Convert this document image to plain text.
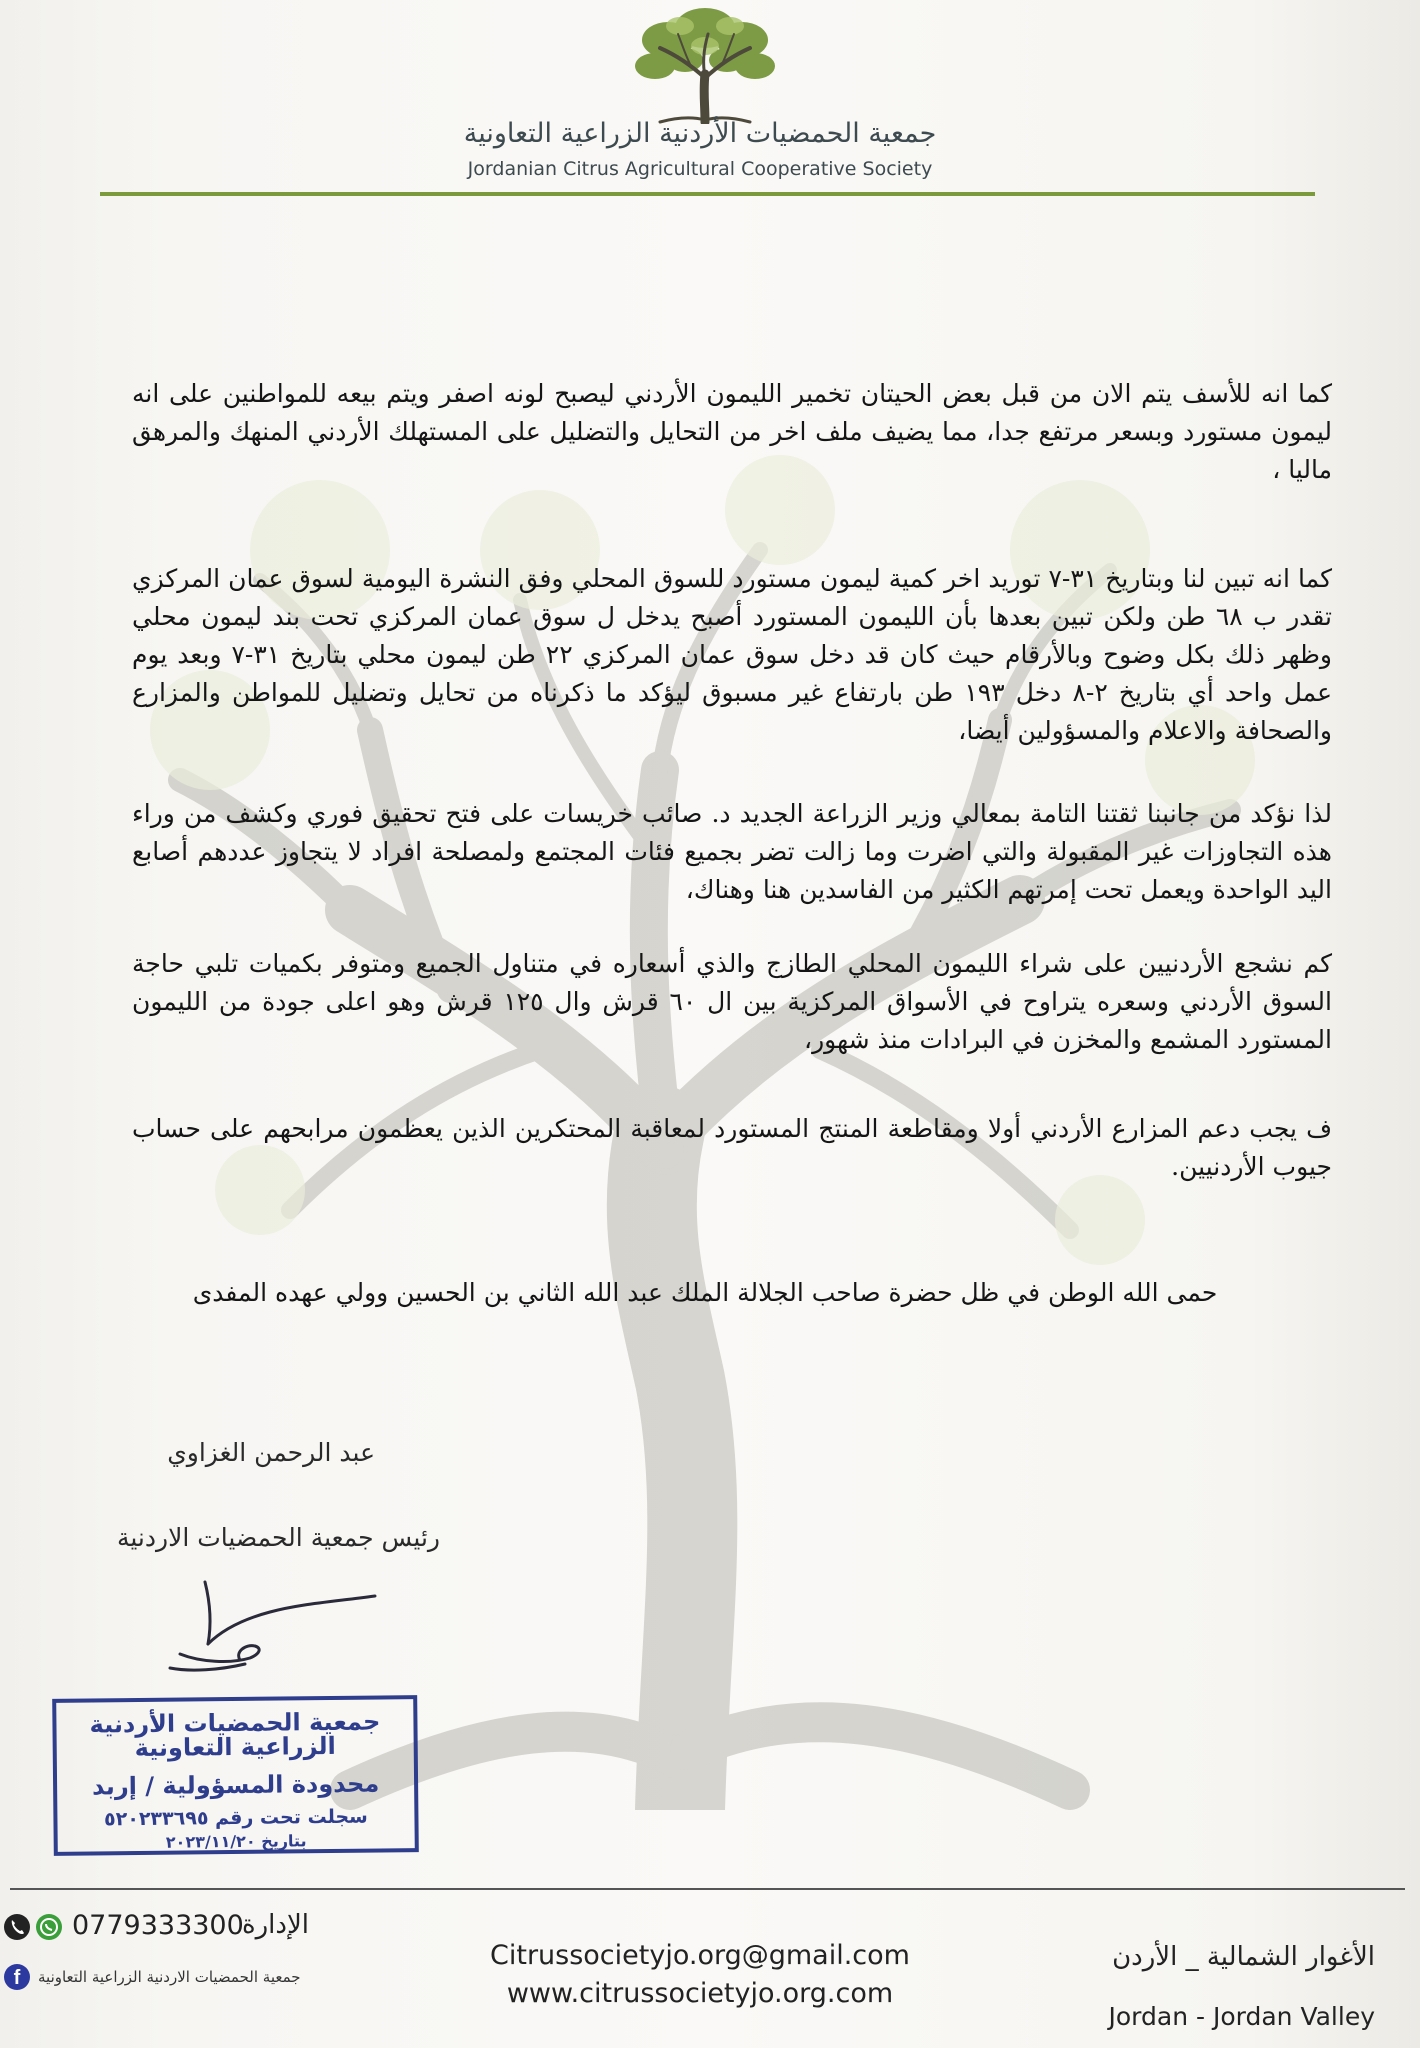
جمعية الحمضيات الأردنية الزراعية التعاونية
Jordanian Citrus Agricultural Cooperative Society

كما انه للأسف يتم الان من قبل بعض الحيتان تخمير الليمون الأردني ليصبح لونه اصفر ويتم بيعه للمواطنين على انه ليمون مستورد وبسعر مرتفع جدا، مما يضيف ملف اخر من التحايل والتضليل على المستهلك الأردني المنهك والمرهق ماليا ،

كما انه تبين لنا وبتاريخ ٣١-٧ توريد اخر كمية ليمون مستورد للسوق المحلي وفق النشرة اليومية لسوق عمان المركزي تقدر ب ٦٨ طن ولكن تبين بعدها بأن الليمون المستورد أصبح يدخل ل سوق عمان المركزي تحت بند ليمون محلي وظهر ذلك بكل وضوح وبالأرقام حيث كان قد دخل سوق عمان المركزي ٢٢ طن ليمون محلي بتاريخ ٣١-٧ وبعد يوم عمل واحد أي بتاريخ ٢-٨ دخل ١٩٣ طن بارتفاع غير مسبوق ليؤكد ما ذكرناه من تحايل وتضليل للمواطن والمزارع والصحافة والاعلام والمسؤولين أيضا،

لذا نؤكد من جانبنا ثقتنا التامة بمعالي وزير الزراعة الجديد د. صائب خريسات على فتح تحقيق فوري وكشف من وراء هذه التجاوزات غير المقبولة والتي اضرت وما زالت تضر بجميع فئات المجتمع ولمصلحة افراد لا يتجاوز عددهم أصابع اليد الواحدة ويعمل تحت إمرتهم الكثير من الفاسدين هنا وهناك،

كم نشجع الأردنيين على شراء الليمون المحلي الطازج والذي أسعاره في متناول الجميع ومتوفر بكميات تلبي حاجة السوق الأردني وسعره يتراوح في الأسواق المركزية بين ال ٦٠ قرش وال ١٢٥ قرش وهو اعلى جودة من الليمون المستورد المشمع والمخزن في البرادات منذ شهور،

ف يجب دعم المزارع الأردني أولا ومقاطعة المنتج المستورد لمعاقبة المحتكرين الذين يعظمون مرابحهم على حساب جيوب الأردنيين.

حمى الله الوطن في ظل حضرة صاحب الجلالة الملك عبد الله الثاني بن الحسين وولي عهده المفدى
عبد الرحمن الغزاوي
رئيس جمعية الحمضيات الاردنية
جمعية الحمضيات الأردنية الزراعية التعاونية
محدودة المسؤولية / إربد
سجلت تحت رقم ٥٢٠٢٣٣٦٩٥
بتاريخ ٢٠٢٣/١١/٢٠
0779333300
الإدارة
f	جمعية الحمضيات الاردنية الزراعية التعاونية
Citrussocietyjo.org@gmail.com
www.citrussocietyjo.org.com
الأغوار الشمالية _ الأردن
Jordan - Jordan Valley
